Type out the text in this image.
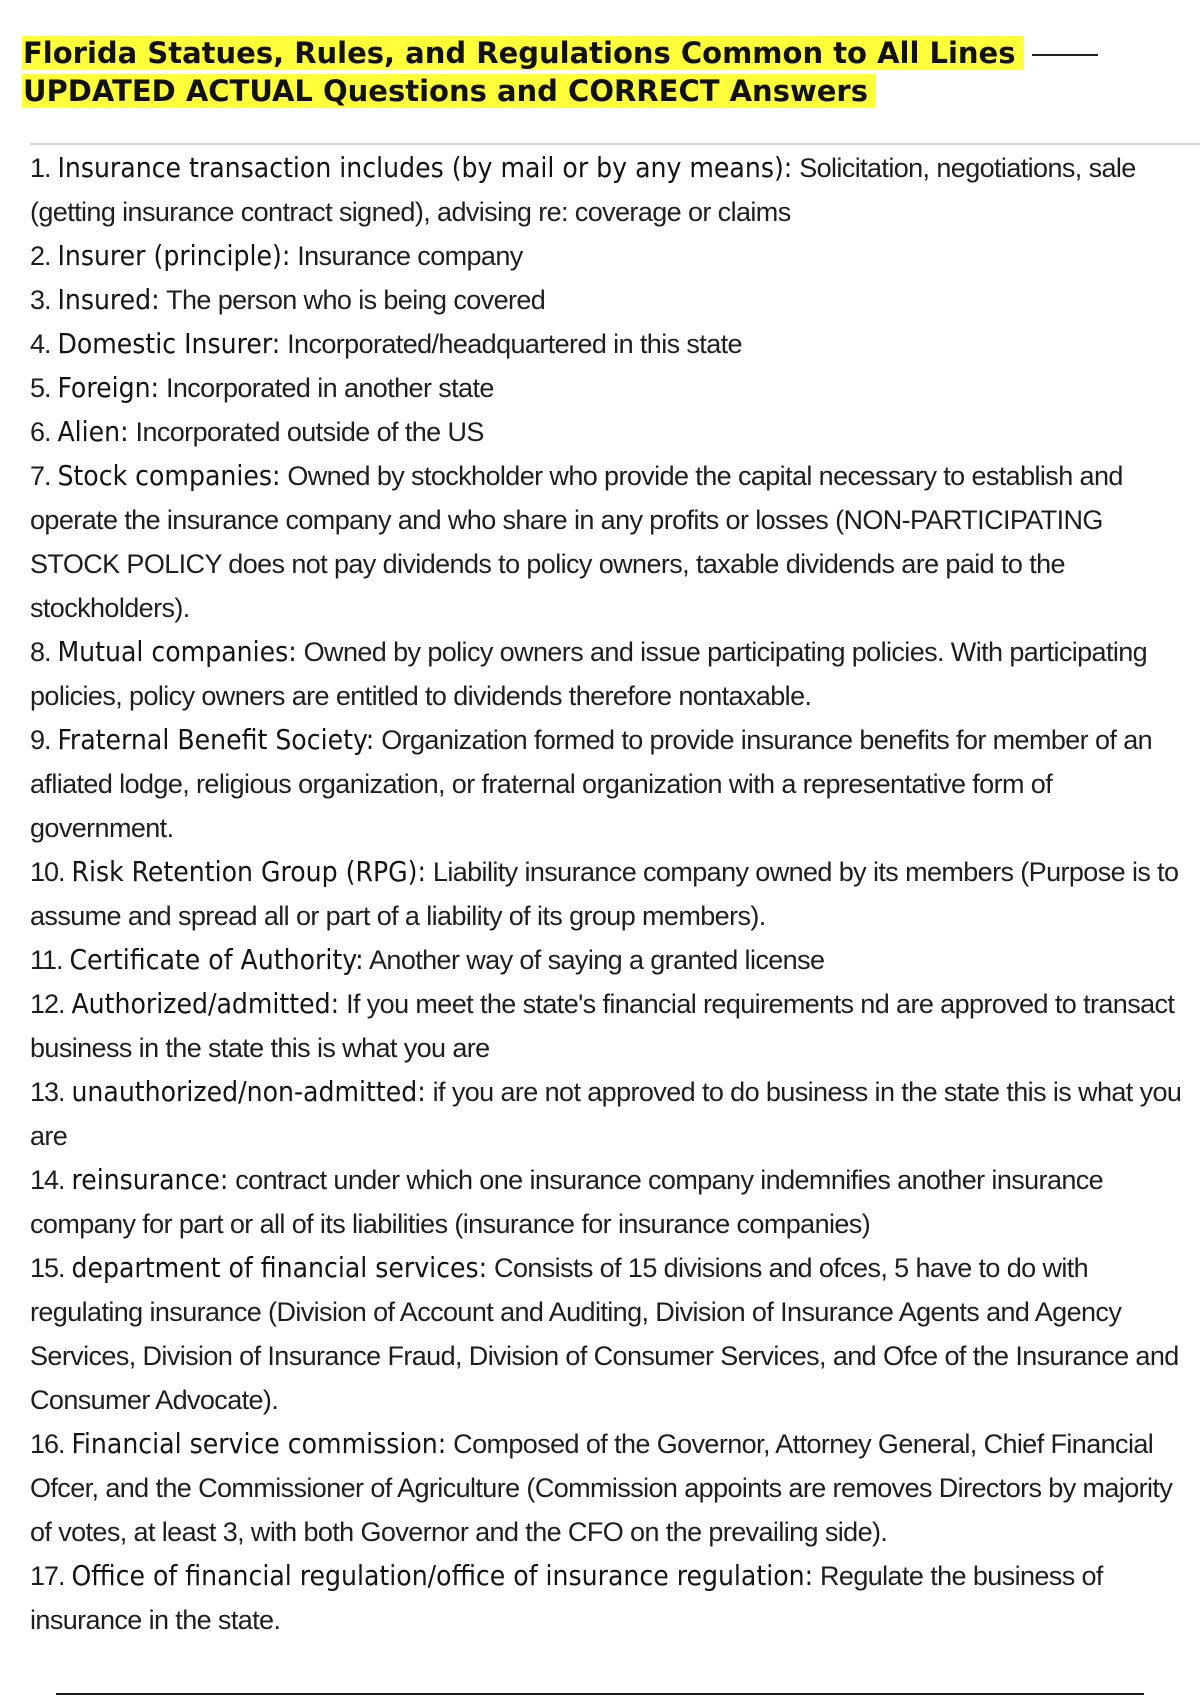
Florida Statues, Rules, and Regulations Common to All Lines
UPDATED ACTUAL Questions and CORRECT Answers

1. Insurance transaction includes (by mail or by any means): Solicitation, negotiations, sale (getting insurance contract signed), advising re: coverage or claims

2. Insurer (principle): Insurance company

3. Insured: The person who is being covered

4. Domestic Insurer: Incorporated/headquartered in this state

5. Foreign: Incorporated in another state

6. Alien: Incorporated outside of the US

7. Stock companies: Owned by stockholder who provide the capital necessary to establish and operate the insurance company and who share in any profits or losses (NON-PARTICIPATING STOCK POLICY does not pay dividends to policy owners, taxable dividends are paid to the stockholders).

8. Mutual companies: Owned by policy owners and issue participating policies. With participating policies, policy owners are entitled to dividends therefore nontaxable.

9. Fraternal Benefit Society: Organization formed to provide insurance benefits for member of an afliated lodge, religious organization, or fraternal organization with a representative form of government.

10. Risk Retention Group (RPG): Liability insurance company owned by its members (Purpose is to assume and spread all or part of a liability of its group members).

11. Certificate of Authority: Another way of saying a granted license

12. Authorized/admitted: If you meet the state's financial requirements nd are approved to transact business in the state this is what you are

13. unauthorized/non-admitted: if you are not approved to do business in the state this is what you are

14. reinsurance: contract under which one insurance company indemnifies another insurance company for part or all of its liabilities (insurance for insurance companies)

15. department of financial services: Consists of 15 divisions and ofces, 5 have to do with regulating insurance (Division of Account and Auditing, Division of Insurance Agents and Agency Services, Division of Insurance Fraud, Division of Consumer Services, and Ofce of the Insurance and Consumer Advocate).

16. Financial service commission: Composed of the Governor, Attorney General, Chief Financial Ofcer, and the Commissioner of Agriculture (Commission appoints are removes Directors by majority of votes, at least 3, with both Governor and the CFO on the prevailing side).

17. Office of financial regulation/office of insurance regulation: Regulate the business of insurance in the state.
